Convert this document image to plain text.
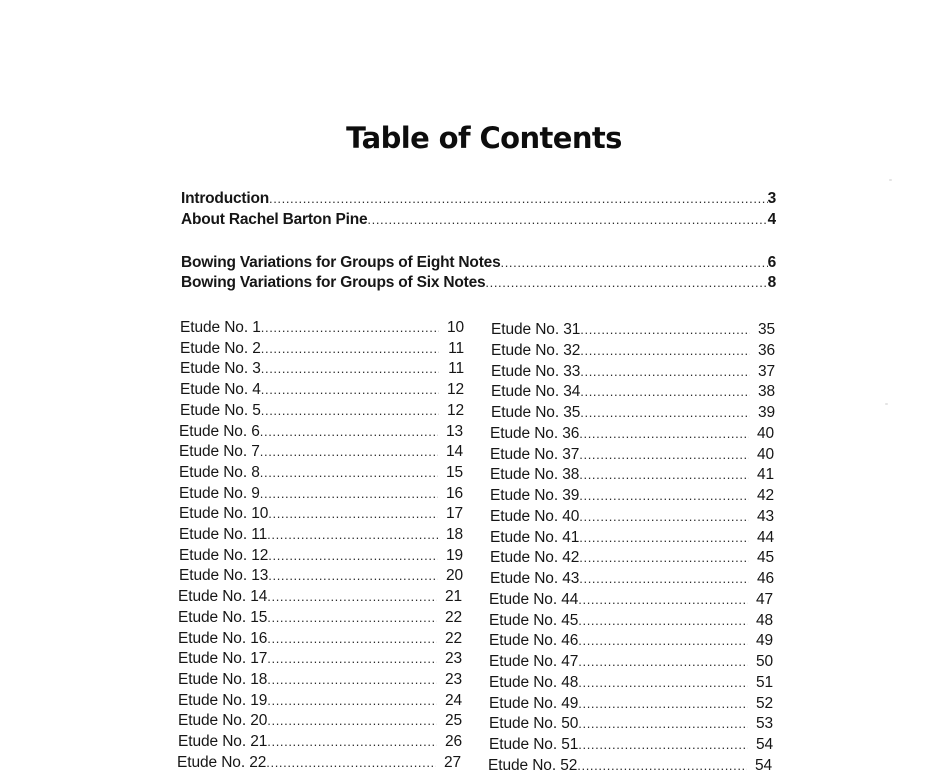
Table of Contents
Introduction .....	3
About Rachel Barton Pine .....	4
Bowing Variations for Groups of Eight Notes .....	6
Bowing Variations for Groups of Six Notes .....	8
Etude No. 1 .....	10
Etude No. 2 .....	11
Etude No. 3 .....	11
Etude No. 4 .....	12
Etude No. 5 .....	12
Etude No. 6 .....	13
Etude No. 7 .....	14
Etude No. 8 .....	15
Etude No. 9 .....	16
Etude No. 10 .....	17
Etude No. 11 .....	18
Etude No. 12 .....	19
Etude No. 13 .....	20
Etude No. 14 .....	21
Etude No. 15 .....	22
Etude No. 16 .....	22
Etude No. 17 .....	23
Etude No. 18 .....	23
Etude No. 19 .....	24
Etude No. 20 .....	25
Etude No. 21 .....	26
Etude No. 22 .....	27
Etude No. 31 .....	35
Etude No. 32 .....	36
Etude No. 33 .....	37
Etude No. 34 .....	38
Etude No. 35 .....	39
Etude No. 36 .....	40
Etude No. 37 .....	40
Etude No. 38 .....	41
Etude No. 39 .....	42
Etude No. 40 .....	43
Etude No. 41 .....	44
Etude No. 42 .....	45
Etude No. 43 .....	46
Etude No. 44 .....	47
Etude No. 45 .....	48
Etude No. 46 .....	49
Etude No. 47 .....	50
Etude No. 48 .....	51
Etude No. 49 .....	52
Etude No. 50 .....	53
Etude No. 51 .....	54
Etude No. 52 .....	54
